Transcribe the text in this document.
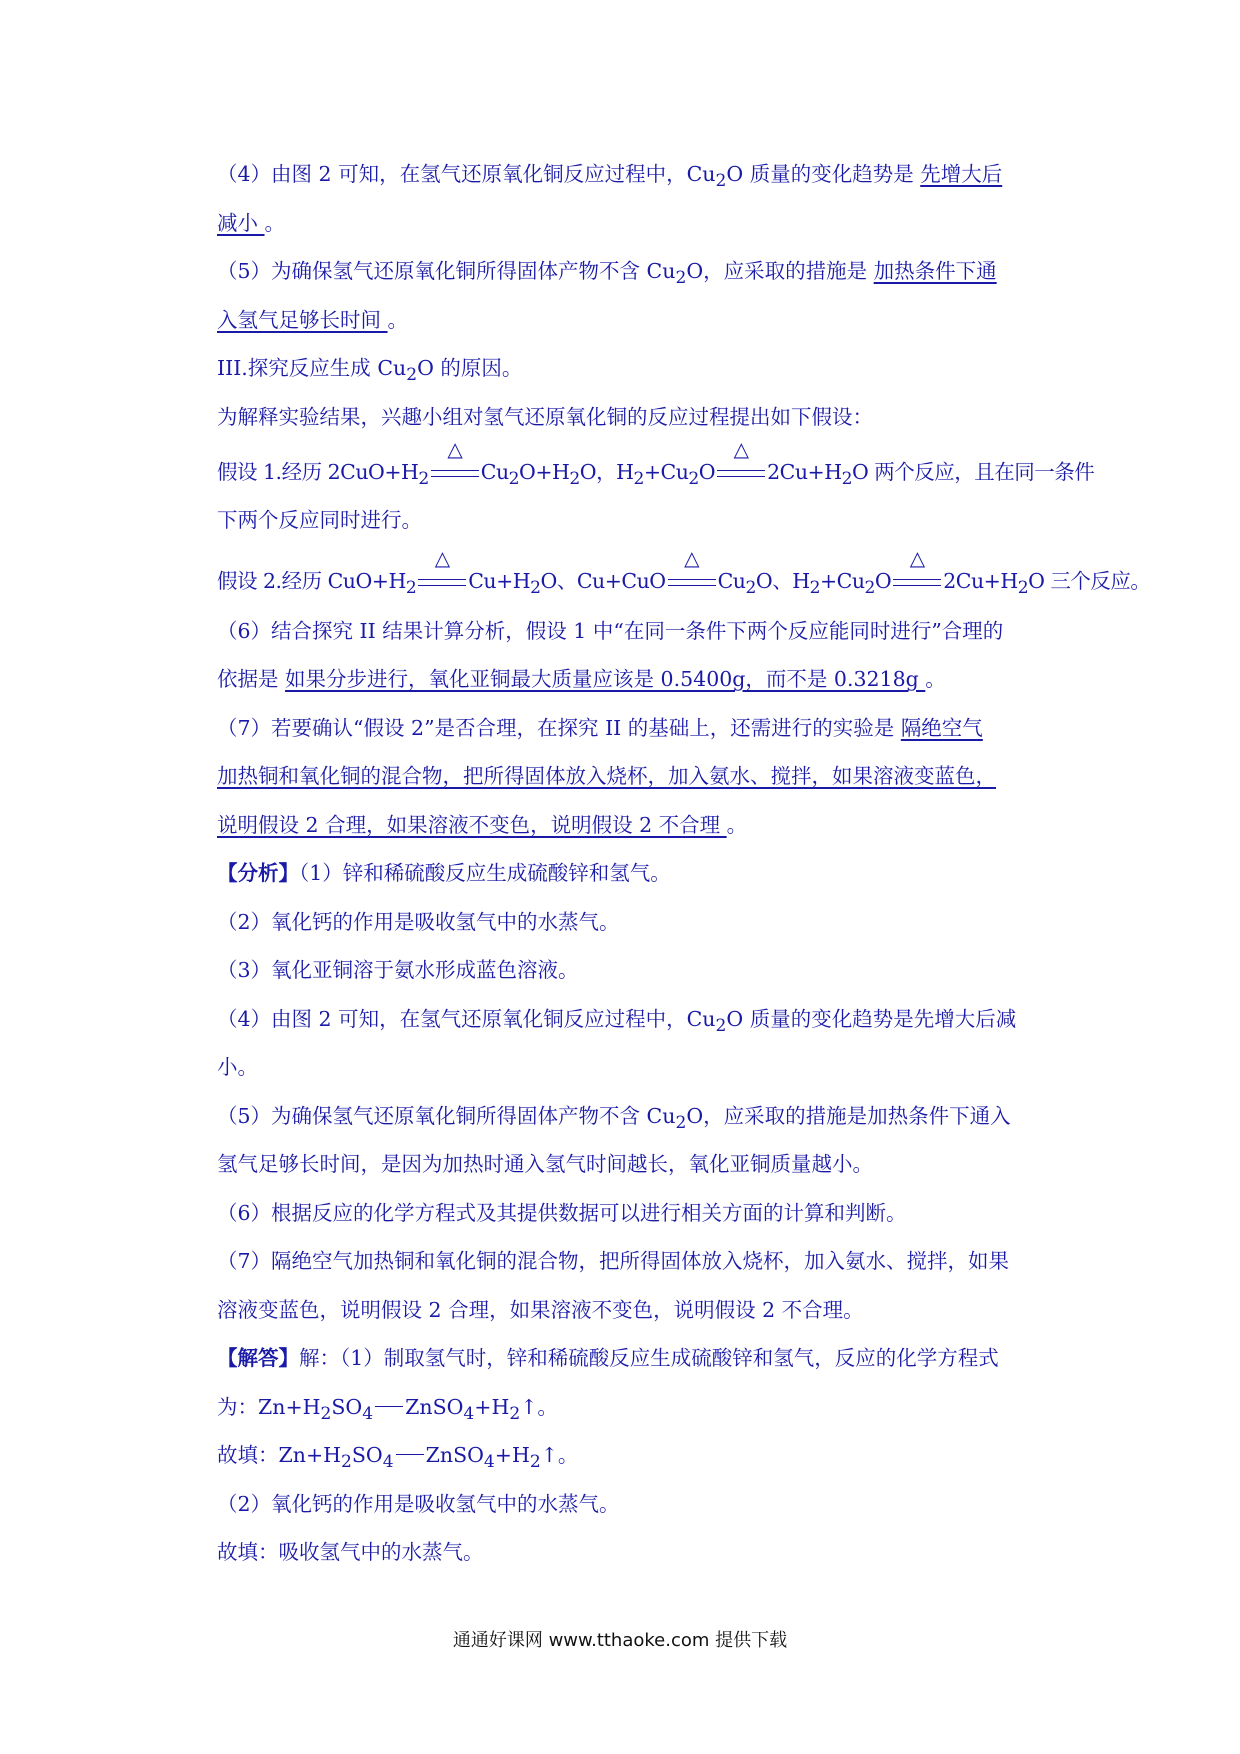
（4）由图 2 可知，在氢气还原氧化铜反应过程中，$Cu_2O$ 质量的变化趋势是 先增大后
减小 。
（5）为确保氢气还原氧化铜所得固体产物不含 $Cu_2O$，应采取的措施是 加热条件下通
入氢气足够长时间 。
III.探究反应生成 $Cu_2O$ 的原因。
为解释实验结果，兴趣小组对氢气还原氧化铜的反应过程提出如下假设：
假设 1.经历 $2CuO+H_2$
△
$Cu_2O+H_2O$，$H_2+Cu_2O$
△
$2Cu+H_2O$ 两个反应，且在同一条件
下两个反应同时进行。
假设 2.经历 $CuO+H_2$
△
$Cu+H_2O$、Cu+CuO
△
$Cu_2O$、$H_2+Cu_2O$
△
$2Cu+H_2O$ 三个反应。
（6）结合探究 II 结果计算分析，假设 1 中“在同一条件下两个反应能同时进行”合理的
依据是 如果分步进行，氧化亚铜最大质量应该是 0.5400g，而不是 0.3218g 。
（7）若要确认“假设 2”是否合理，在探究 II 的基础上，还需进行的实验是 隔绝空气
加热铜和氧化铜的混合物，把所得固体放入烧杯，加入氨水、搅拌，如果溶液变蓝色，
说明假设 2 合理，如果溶液不变色，说明假设 2 不合理 。
【分析】（1）锌和稀硫酸反应生成硫酸锌和氢气。
（2）氧化钙的作用是吸收氢气中的水蒸气。
（3）氧化亚铜溶于氨水形成蓝色溶液。
（4）由图 2 可知，在氢气还原氧化铜反应过程中，$Cu_2O$ 质量的变化趋势是先增大后减
小。
（5）为确保氢气还原氧化铜所得固体产物不含 $Cu_2O$，应采取的措施是加热条件下通入
氢气足够长时间，是因为加热时通入氢气时间越长，氧化亚铜质量越小。
（6）根据反应的化学方程式及其提供数据可以进行相关方面的计算和判断。
（7）隔绝空气加热铜和氧化铜的混合物，把所得固体放入烧杯，加入氨水、搅拌，如果
溶液变蓝色，说明假设 2 合理，如果溶液不变色，说明假设 2 不合理。
【解答】解：（1）制取氢气时，锌和稀硫酸反应生成硫酸锌和氢气，反应的化学方程式
为：$Zn+H_2SO_4$ $ZnSO_4+H_2↑$。
故填：$Zn+H_2SO_4$ $ZnSO_4+H_2↑$。
（2）氧化钙的作用是吸收氢气中的水蒸气。
故填：吸收氢气中的水蒸气。
通通好课网 www.tthaoke.com 提供下载
